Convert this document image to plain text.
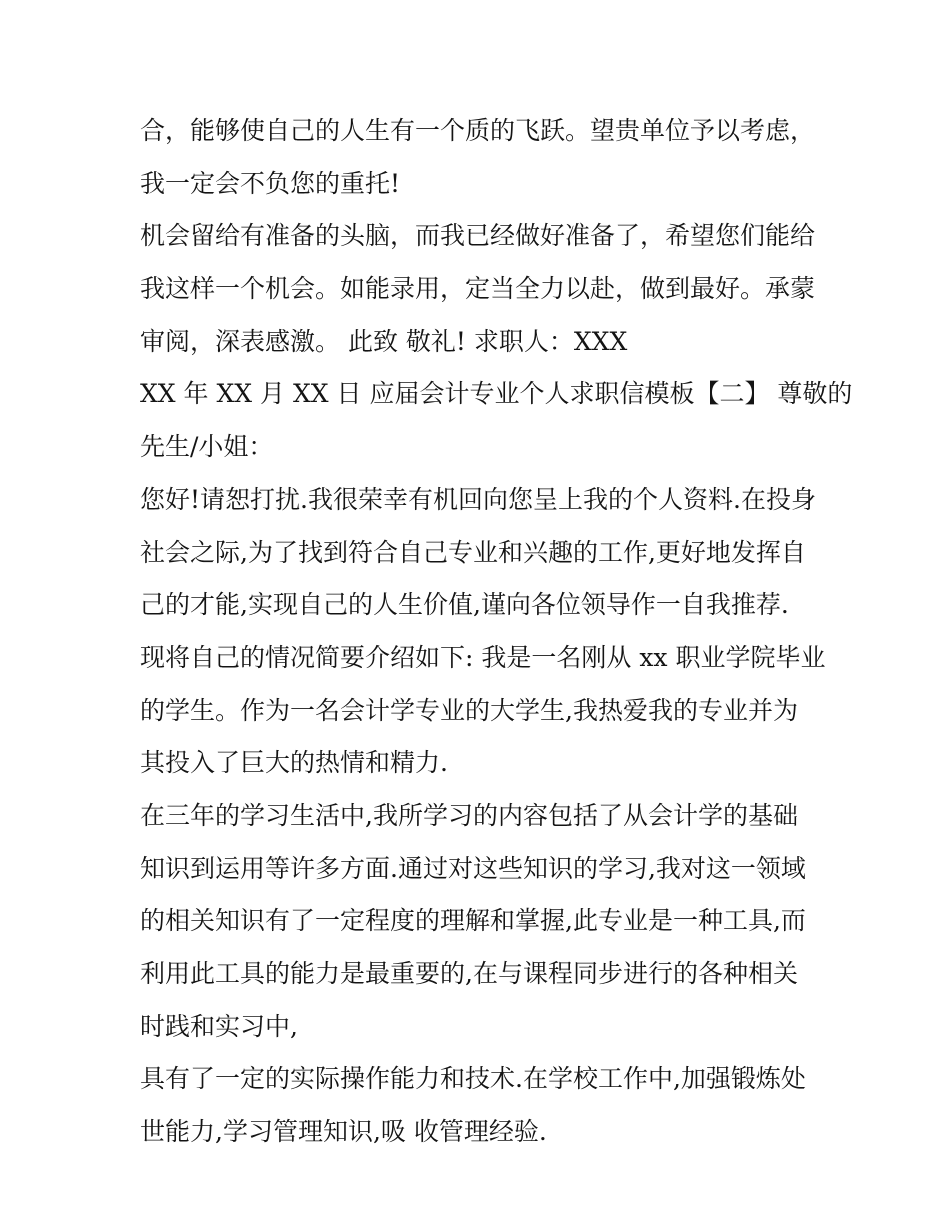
合，能够使自己的人生有一个质的飞跃。望贵单位予以考虑，
我一定会不负您的重托!
机会留给有准备的头脑，而我已经做好准备了，希望您们能给
我这样一个机会。如能录用，定当全力以赴，做到最好。承蒙
审阅，深表感激。 此致 敬礼! 求职人：XXX
XX 年 XX 月 XX 日 应届会计专业个人求职信模板【二】 尊敬的
先生/小姐：
您好!请恕打扰.我很荣幸有机回向您呈上我的个人资料.在投身
社会之际,为了找到符合自己专业和兴趣的工作,更好地发挥自
己的才能,实现自己的人生价值,谨向各位领导作一自我推荐.
现将自己的情况简要介绍如下: 我是一名刚从 xx 职业学院毕业
的学生。作为一名会计学专业的大学生,我热爱我的专业并为
其投入了巨大的热情和精力.
在三年的学习生活中,我所学习的内容包括了从会计学的基础
知识到运用等许多方面.通过对这些知识的学习,我对这一领域
的相关知识有了一定程度的理解和掌握,此专业是一种工具,而
利用此工具的能力是最重要的,在与课程同步进行的各种相关
时践和实习中,
具有了一定的实际操作能力和技术.在学校工作中,加强锻炼处
世能力,学习管理知识,吸 收管理经验.
